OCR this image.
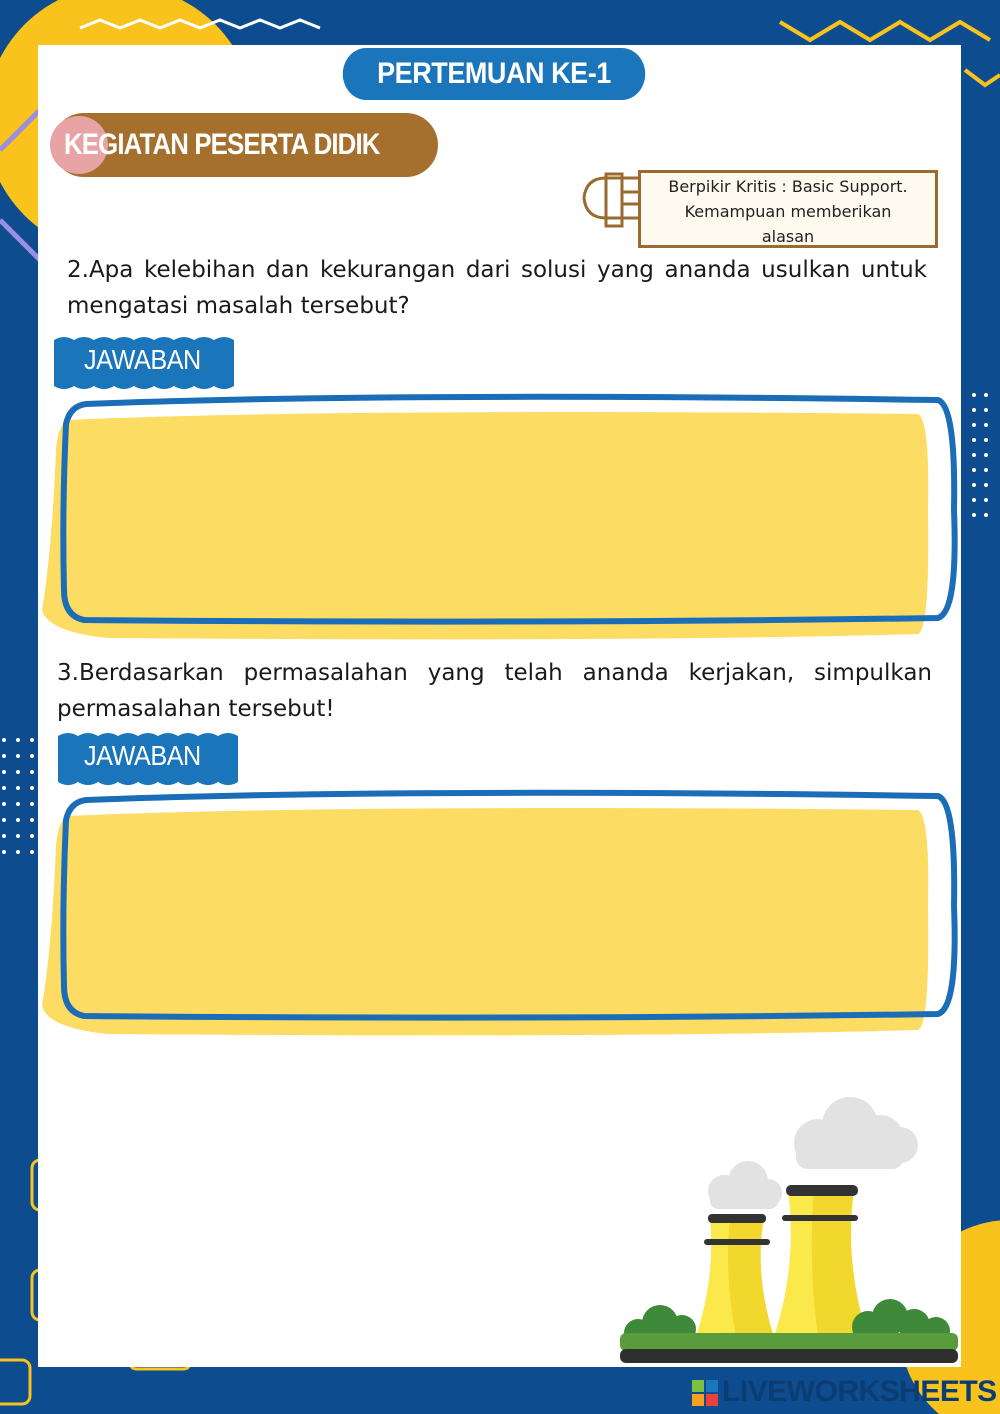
PERTEMUAN KE-1
KEGIATAN PESERTA DIDIK
Berpikir Kritis : Basic Support.
Kemampuan memberikan
alasan
2.Apa kelebihan dan kekurangan dari solusi yang ananda usulkan untuk mengatasi masalah tersebut?
JAWABAN
3.Berdasarkan permasalahan yang telah ananda kerjakan, simpulkan permasalahan tersebut!
JAWABAN
LIVEWORKSHEETS
